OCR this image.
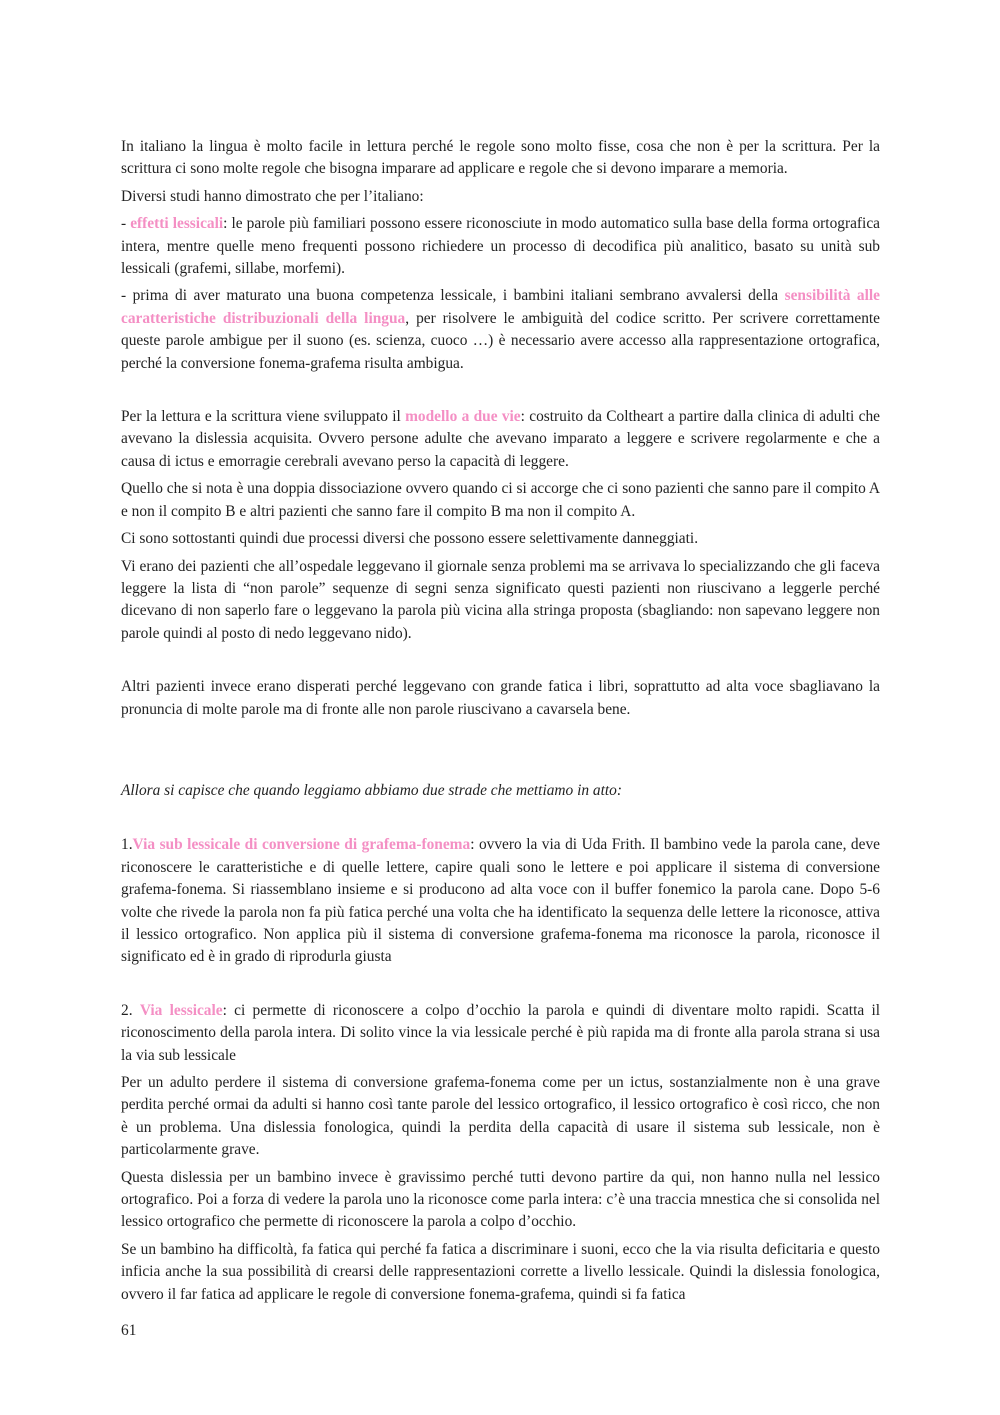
In italiano la lingua è molto facile in lettura perché le regole sono molto fisse, cosa che non è per la scrittura. Per la scrittura ci sono molte regole che bisogna imparare ad applicare e regole che si devono imparare a memoria.

Diversi studi hanno dimostrato che per l’italiano:

- effetti lessicali: le parole più familiari possono essere riconosciute in modo automatico sulla base della forma ortografica intera, mentre quelle meno frequenti possono richiedere un processo di decodifica più analitico, basato su unità sub lessicali (grafemi, sillabe, morfemi).

- prima di aver maturato una buona competenza lessicale, i bambini italiani sembrano avvalersi della sensibilità alle caratteristiche distribuzionali della lingua, per risolvere le ambiguità del codice scritto. Per scrivere correttamente queste parole ambigue per il suono (es. scienza, cuoco …) è necessario avere accesso alla rappresentazione ortografica, perché la conversione fonema-grafema risulta ambigua.

Per la lettura e la scrittura viene sviluppato il modello a due vie: costruito da Coltheart a partire dalla clinica di adulti che avevano la dislessia acquisita. Ovvero persone adulte che avevano imparato a leggere e scrivere regolarmente e che a causa di ictus e emorragie cerebrali avevano perso la capacità di leggere.

Quello che si nota è una doppia dissociazione ovvero quando ci si accorge che ci sono pazienti che sanno pare il compito A e non il compito B e altri pazienti che sanno fare il compito B ma non il compito A.

Ci sono sottostanti quindi due processi diversi che possono essere selettivamente danneggiati.

Vi erano dei pazienti che all’ospedale leggevano il giornale senza problemi ma se arrivava lo specializzando che gli faceva leggere la lista di “non parole” sequenze di segni senza significato questi pazienti non riuscivano a leggerle perché dicevano di non saperlo fare o leggevano la parola più vicina alla stringa proposta (sbagliando: non sapevano leggere non parole quindi al posto di nedo leggevano nido).

Altri pazienti invece erano disperati perché leggevano con grande fatica i libri, soprattutto ad alta voce sbagliavano la pronuncia di molte parole ma di fronte alle non parole riuscivano a cavarsela bene.

Allora si capisce che quando leggiamo abbiamo due strade che mettiamo in atto:

1.Via sub lessicale di conversione di grafema-fonema: ovvero la via di Uda Frith. Il bambino vede la parola cane, deve riconoscere le caratteristiche e di quelle lettere, capire quali sono le lettere e poi applicare il sistema di conversione grafema-fonema. Si riassemblano insieme e si producono ad alta voce con il buffer fonemico la parola cane. Dopo 5-6 volte che rivede la parola non fa più fatica perché una volta che ha identificato la sequenza delle lettere la riconosce, attiva il lessico ortografico. Non applica più il sistema di conversione grafema-fonema ma riconosce la parola, riconosce il significato ed è in grado di riprodurla giusta

2. Via lessicale: ci permette di riconoscere a colpo d’occhio la parola e quindi di diventare molto rapidi. Scatta il riconoscimento della parola intera. Di solito vince la via lessicale perché è più rapida ma di fronte alla parola strana si usa la via sub lessicale

Per un adulto perdere il sistema di conversione grafema-fonema come per un ictus, sostanzialmente non è una grave perdita perché ormai da adulti si hanno così tante parole del lessico ortografico, il lessico ortografico è così ricco, che non è un problema. Una dislessia fonologica, quindi la perdita della capacità di usare il sistema sub lessicale, non è particolarmente grave.

Questa dislessia per un bambino invece è gravissimo perché tutti devono partire da qui, non hanno nulla nel lessico ortografico. Poi a forza di vedere la parola uno la riconosce come parla intera: c’è una traccia mnestica che si consolida nel lessico ortografico che permette di riconoscere la parola a colpo d’occhio.

Se un bambino ha difficoltà, fa fatica qui perché fa fatica a discriminare i suoni, ecco che la via risulta deficitaria e questo inficia anche la sua possibilità di crearsi delle rappresentazioni corrette a livello lessicale. Quindi la dislessia fonologica, ovvero il far fatica ad applicare le regole di conversione fonema-grafema, quindi si fa fatica

61
